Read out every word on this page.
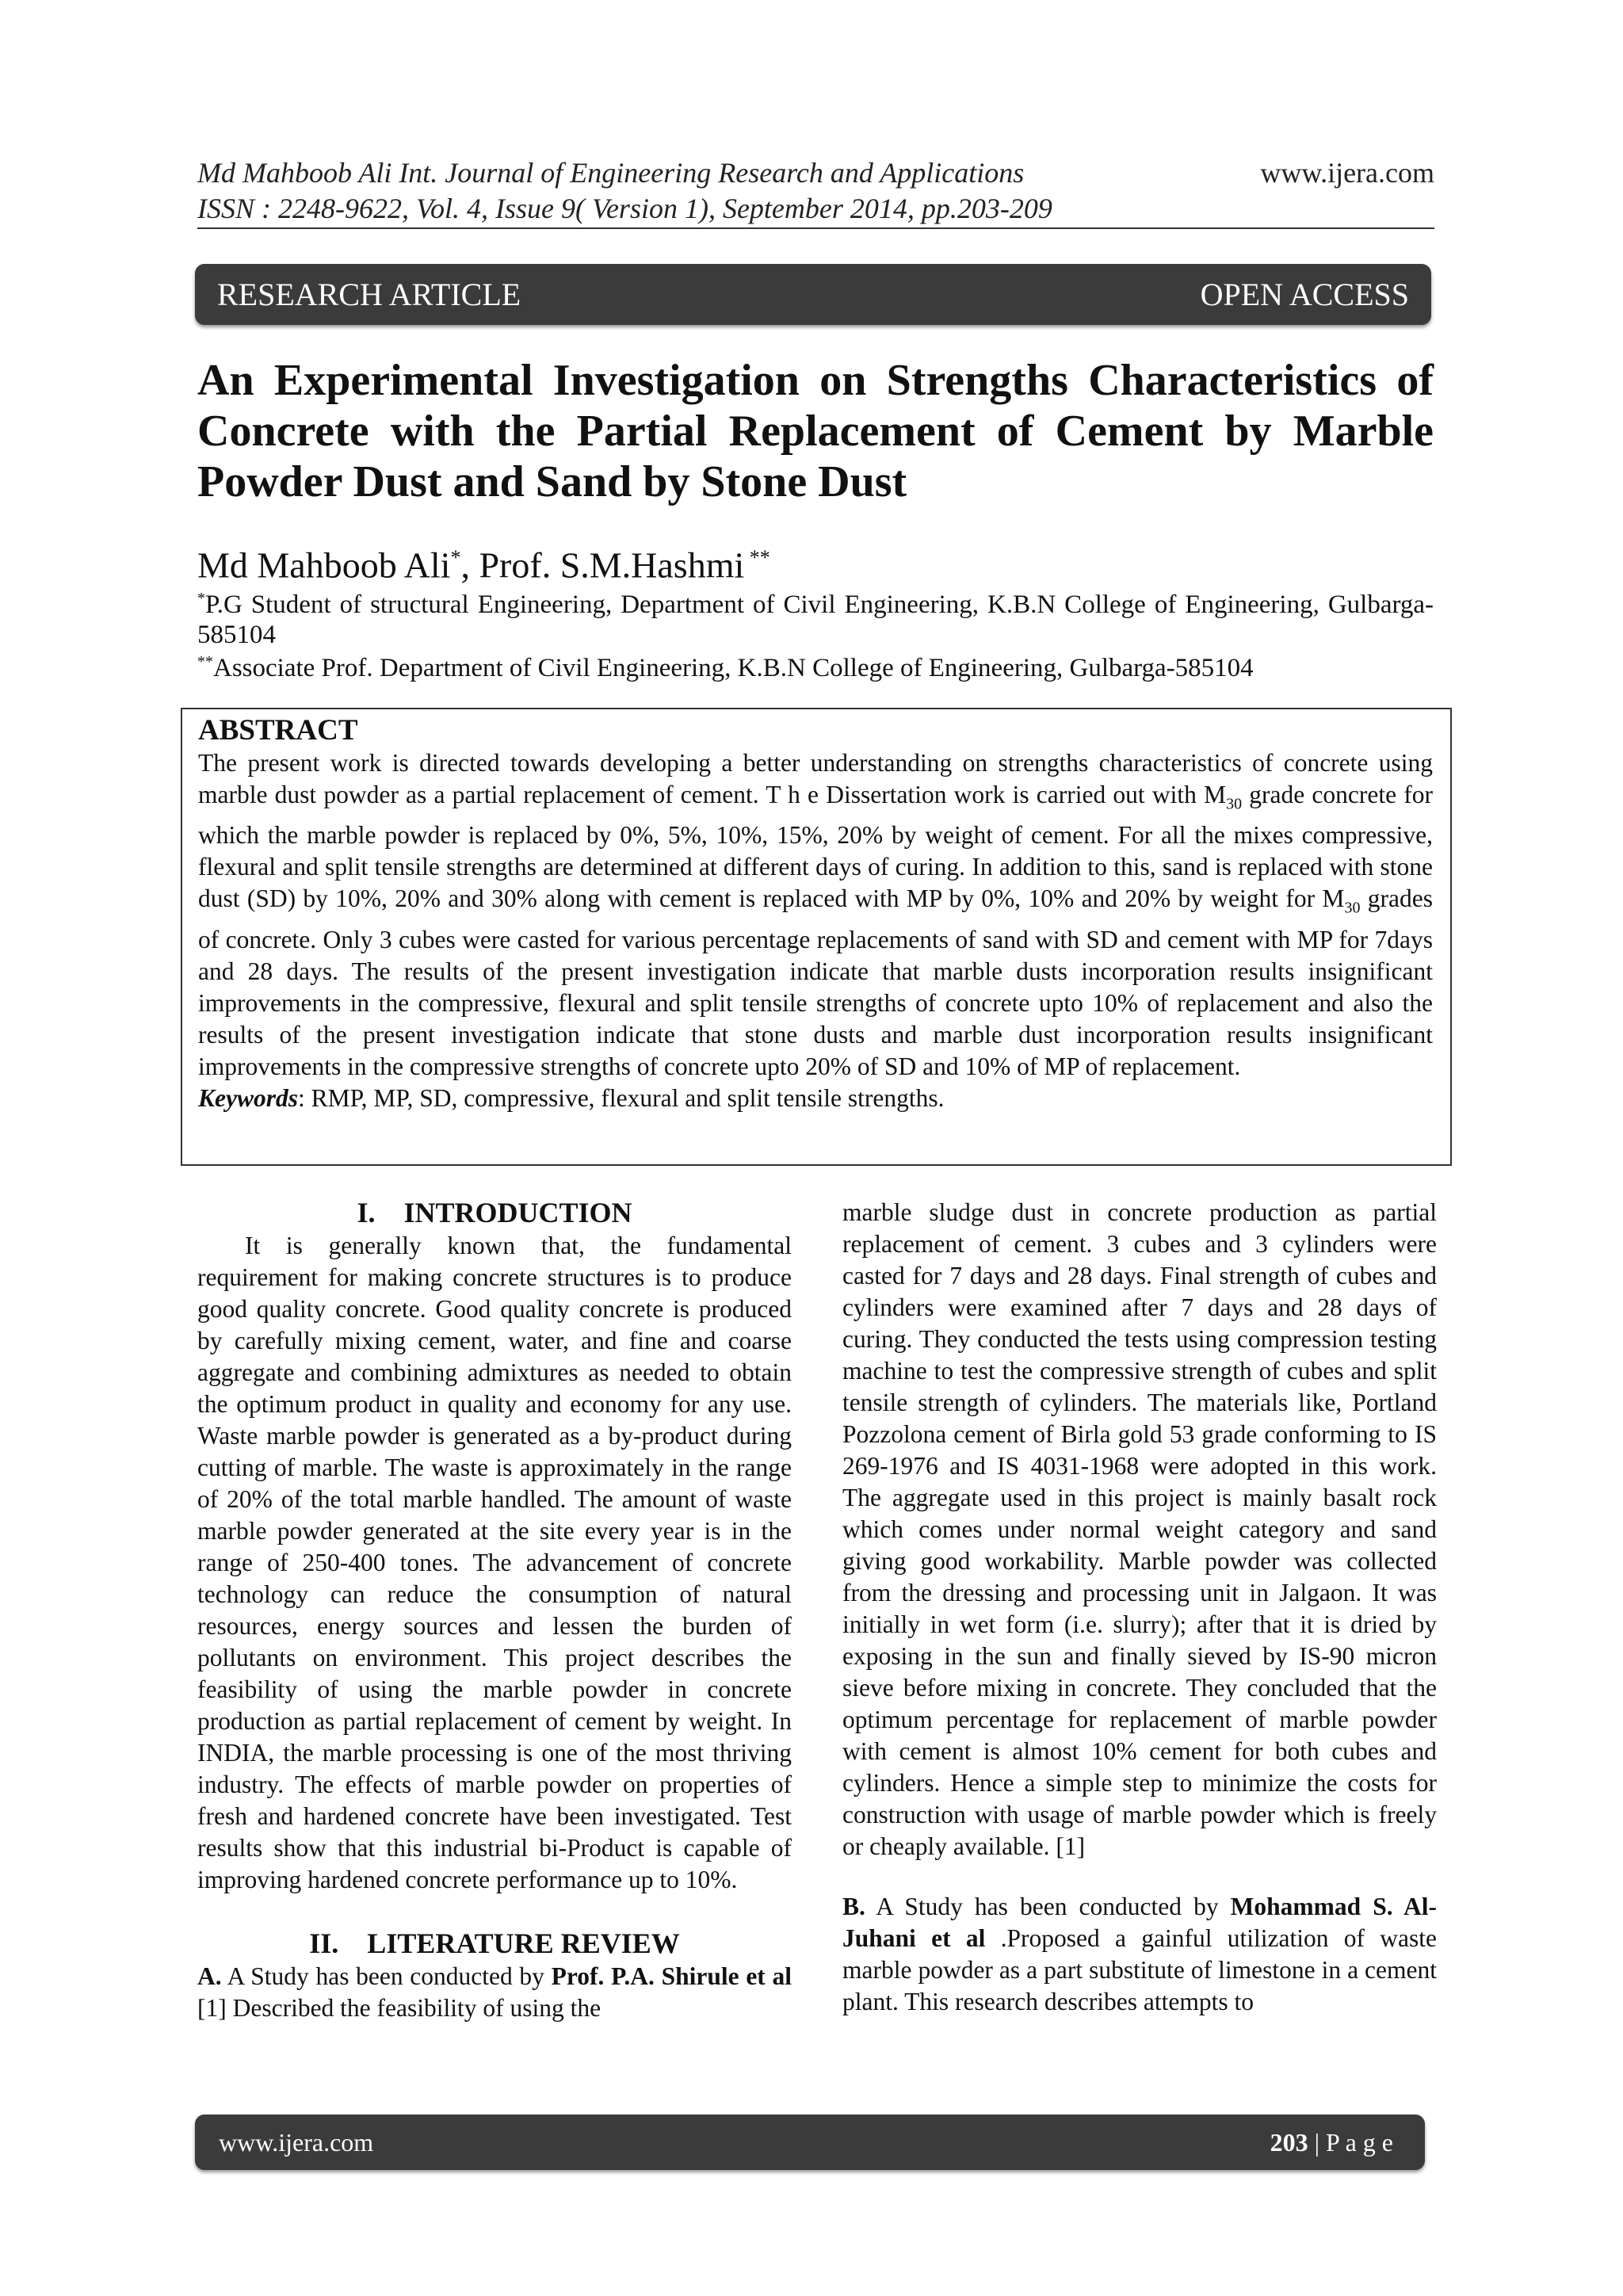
Md Mahboob Ali Int. Journal of Engineering Research and Applications
ISSN : 2248-9622, Vol. 4, Issue 9( Version 1), September 2014, pp.203-209
www.ijera.com
RESEARCH ARTICLE	OPEN ACCESS
An Experimental Investigation on Strengths Characteristics of Concrete with the Partial Replacement of Cement by Marble Powder Dust and Sand by Stone Dust
Md Mahboob Ali*, Prof. S.M.Hashmi **
*P.G Student of structural Engineering, Department of Civil Engineering, K.B.N College of Engineering, Gulbarga-585104
**Associate Prof. Department of Civil Engineering, K.B.N College of Engineering, Gulbarga-585104
ABSTRACT
The present work is directed towards developing a better understanding on strengths characteristics of concrete using marble dust powder as a partial replacement of cement. T h e Dissertation work is carried out with $M_{30}$ grade concrete for which the marble powder is replaced by 0%, 5%, 10%, 15%, 20% by weight of cement. For all the mixes compressive, flexural and split tensile strengths are determined at different days of curing. In addition to this, sand is replaced with stone dust (SD) by 10%, 20% and 30% along with cement is replaced with MP by 0%, 10% and 20% by weight for $M_{30}$ grades of concrete. Only 3 cubes were casted for various percentage replacements of sand with SD and cement with MP for 7days and 28 days. The results of the present investigation indicate that marble dusts incorporation results insignificant improvements in the compressive, flexural and split tensile strengths of concrete upto 10% of replacement and also the results of the present investigation indicate that stone dusts and marble dust incorporation results insignificant improvements in the compressive strengths of concrete upto 20% of SD and 10% of MP of replacement.
Keywords: RMP, MP, SD, compressive, flexural and split tensile strengths.
I.    INTRODUCTION

It is generally known that, the fundamental requirement for making concrete structures is to produce good quality concrete. Good quality concrete is produced by carefully mixing cement, water, and fine and coarse aggregate and combining admixtures as needed to obtain the optimum product in quality and economy for any use. Waste marble powder is generated as a by-product during cutting of marble. The waste is approximately in the range of 20% of the total marble handled. The amount of waste marble powder generated at the site every year is in the range of 250-400 tones. The advancement of concrete technology can reduce the consumption of natural resources, energy sources and lessen the burden of pollutants on environment. This project describes the feasibility of using the marble powder in concrete production as partial replacement of cement by weight. In INDIA, the marble processing is one of the most thriving industry. The effects of marble powder on properties of fresh and hardened concrete have been investigated. Test results show that this industrial bi-Product is capable of improving hardened concrete performance up to 10%.

II.    LITERATURE REVIEW

A. A Study has been conducted by Prof. P.A. Shirule et al [1] Described the feasibility of using the

marble sludge dust in concrete production as partial replacement of cement. 3 cubes and 3 cylinders were casted for 7 days and 28 days. Final strength of cubes and cylinders were examined after 7 days and 28 days of curing. They conducted the tests using compression testing machine to test the compressive strength of cubes and split tensile strength of cylinders. The materials like, Portland Pozzolona cement of Birla gold 53 grade conforming to IS 269-1976 and IS 4031-1968 were adopted in this work. The aggregate used in this project is mainly basalt rock which comes under normal weight category and sand giving good workability. Marble powder was collected from the dressing and processing unit in Jalgaon. It was initially in wet form (i.e. slurry); after that it is dried by exposing in the sun and finally sieved by IS-90 micron sieve before mixing in concrete. They concluded that the optimum percentage for replacement of marble powder with cement is almost 10% cement for both cubes and cylinders. Hence a simple step to minimize the costs for construction with usage of marble powder which is freely or cheaply available. [1]

B. A Study has been conducted by Mohammad S. Al-Juhani et al .Proposed a gainful utilization of waste marble powder as a part substitute of limestone in a cement plant. This research describes attempts to

www.ijera.com	203 | P a g e
